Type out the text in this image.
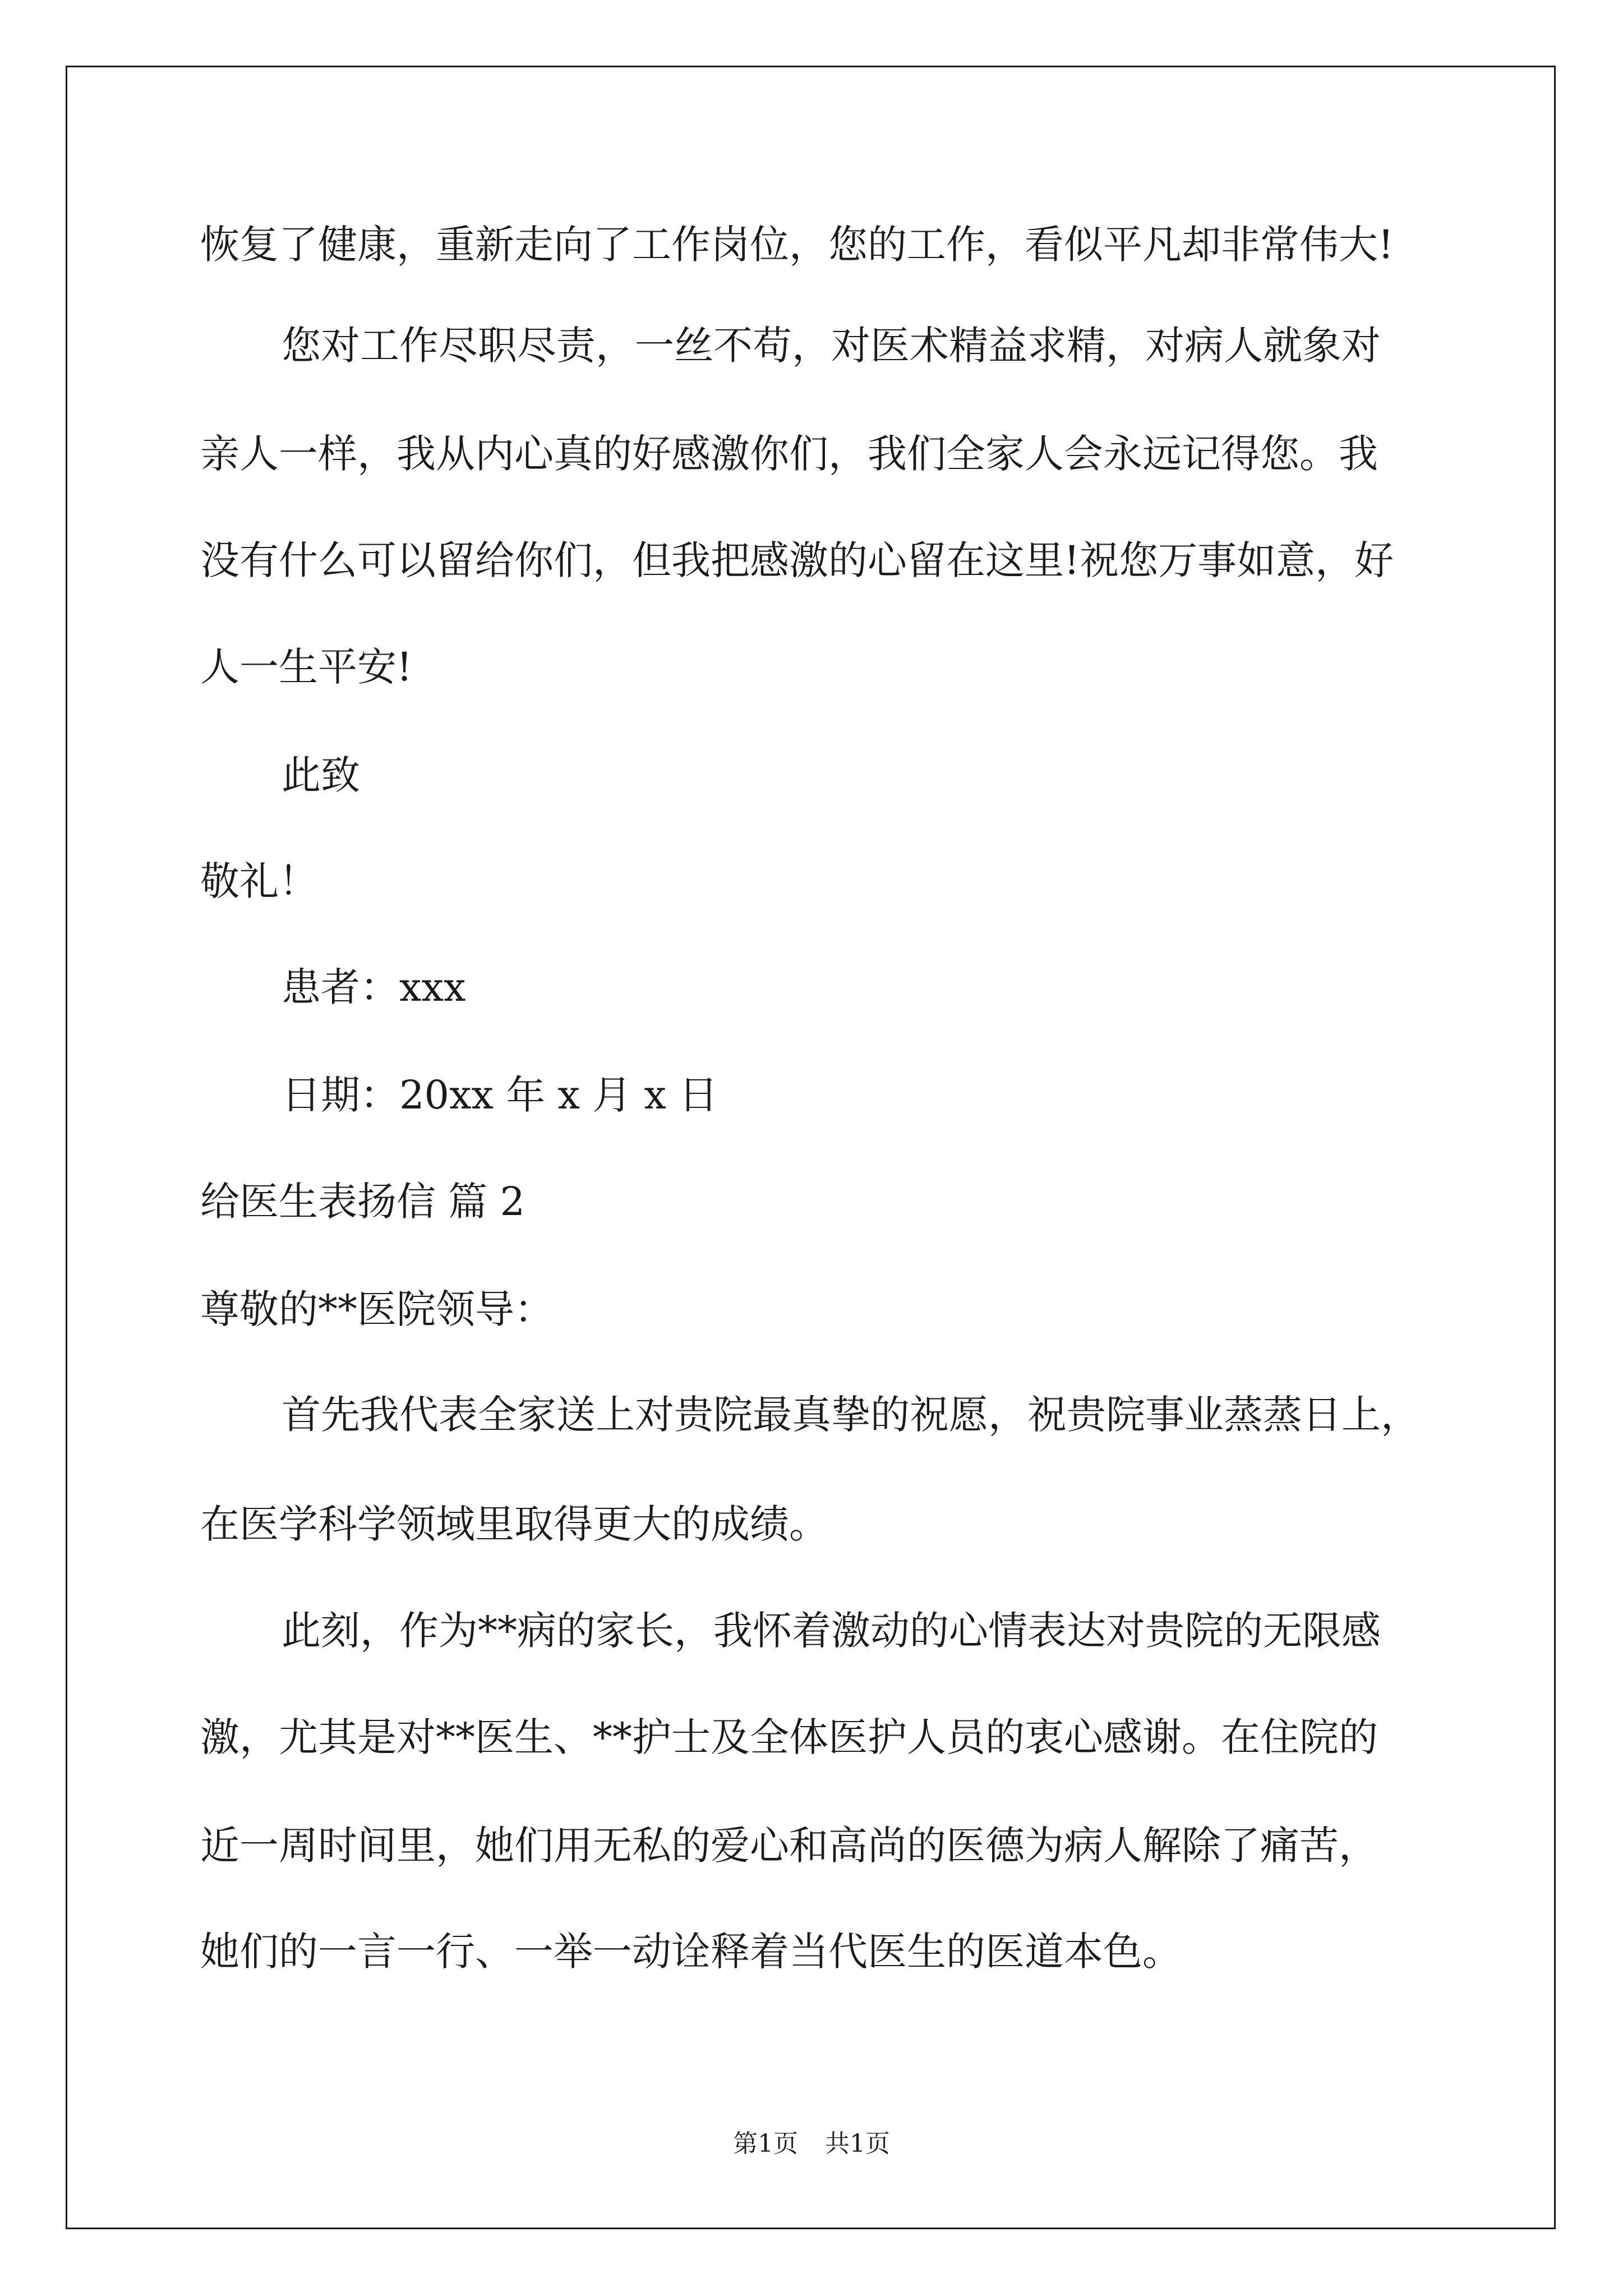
恢复了健康，重新走向了工作岗位，您的工作，看似平凡却非常伟大!

您对工作尽职尽责，一丝不苟，对医术精益求精，对病人就象对

亲人一样，我从内心真的好感激你们，我们全家人会永远记得您。我

没有什么可以留给你们，但我把感激的心留在这里!祝您万事如意，好

人一生平安!

此致

敬礼！

患者：xxx

日期：20xx 年 x 月 x 日

给医生表扬信 篇 2

尊敬的**医院领导：

首先我代表全家送上对贵院最真挚的祝愿，祝贵院事业蒸蒸日上，

在医学科学领域里取得更大的成绩。

此刻，作为**病的家长，我怀着激动的心情表达对贵院的无限感

激，尤其是对**医生、**护士及全体医护人员的衷心感谢。在住院的

近一周时间里，她们用无私的爱心和高尚的医德为病人解除了痛苦，

她们的一言一行、一举一动诠释着当代医生的医道本色。

第1页 共1页
